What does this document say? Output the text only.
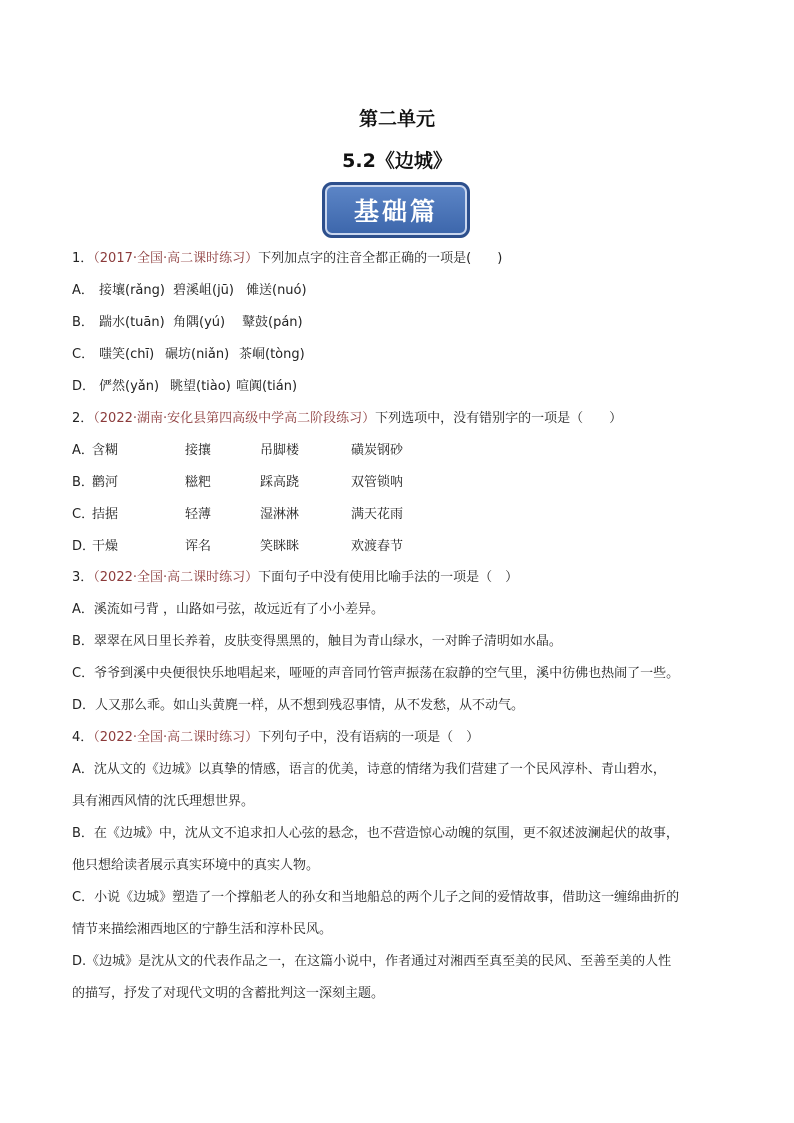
第二单元
5.2《边城》
基础篇
1．（2017·全国·高二课时练习）下列加点字的注音全都正确的一项是(　　)
A． 接壤(rǎng) 碧溪岨(jū) 傩送(nuó)
B． 踹水(tuān) 角隅(yú) 鼙鼓(pán)
C． 嗤笑(chī) 碾坊(niǎn) 茶峒(tòng)
D． 俨然(yǎn) 眺望(tiào) 喧阗(tián)
2．（2022·湖南·安化县第四高级中学高二阶段练习）下列选项中，没有错别字的一项是（　　）
A．
含糊	接攘	吊脚楼	磺炭钢砂
B．
鹳河	糍粑	踩高跷	双管锁呐
C．
拮据	轻薄	湿淋淋	满天花雨
D．
干燥	诨名	笑眯眯	欢渡春节
3．（2022·全国·高二课时练习）下面句子中没有使用比喻手法的一项是（　）
A．溪流如弓背 ，山路如弓弦，故远近有了小小差异。
B．翠翠在风日里长养着，皮肤变得黑黑的，触目为青山绿水，一对眸子清明如水晶。
C．爷爷到溪中央便很快乐地唱起来，哑哑的声音同竹管声振荡在寂静的空气里，溪中彷佛也热闹了一些。
D．人又那么乖。如山头黄麂一样，从不想到残忍事情，从不发愁，从不动气。
4．（2022·全国·高二课时练习）下列句子中，没有语病的一项是（　）
A．沈从文的《边城》以真挚的情感，语言的优美，诗意的情绪为我们营建了一个民风淳朴、青山碧水，
具有湘西风情的沈氏理想世界。
B．在《边城》中，沈从文不追求扣人心弦的悬念，也不营造惊心动魄的氛围，更不叙述波澜起伏的故事，
他只想给读者展示真实环境中的真实人物。
C．小说《边城》塑造了一个撑船老人的孙女和当地船总的两个儿子之间的爱情故事，借助这一缠绵曲折的
情节来描绘湘西地区的宁静生活和淳朴民风。
D.《边城》是沈从文的代表作品之一，在这篇小说中，作者通过对湘西至真至美的民风、至善至美的人性
的描写，抒发了对现代文明的含蓄批判这一深刻主题。
